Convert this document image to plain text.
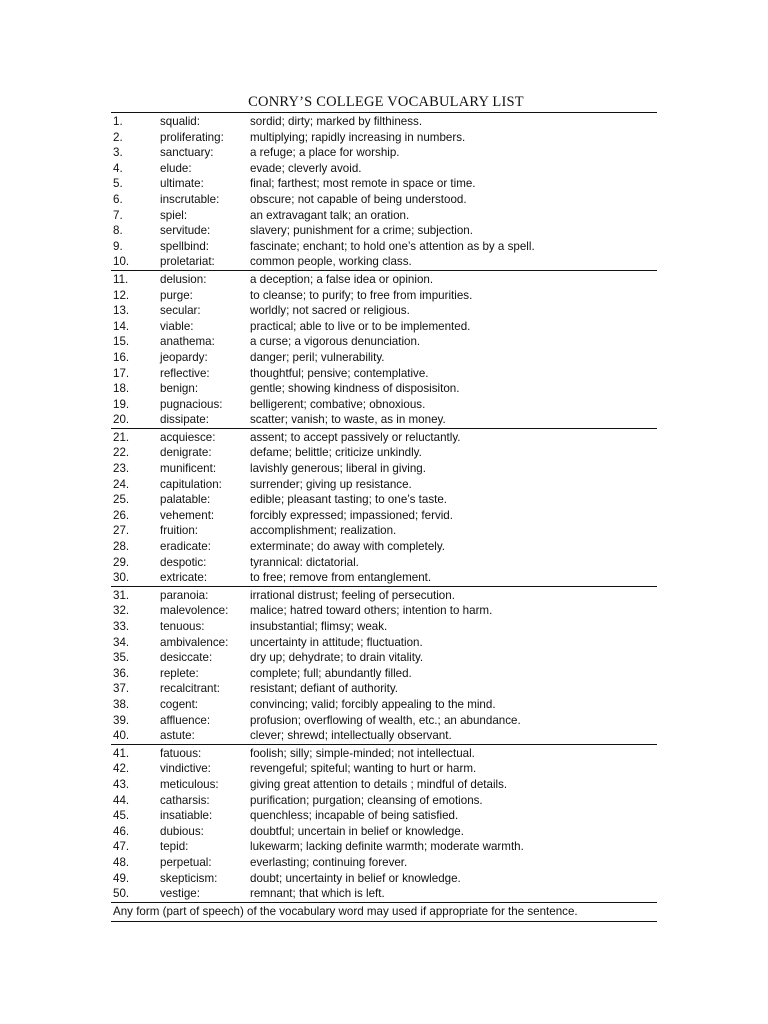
CONRY’S COLLEGE VOCABULARY LIST
1.	squalid:	sordid; dirty; marked by filthiness.
2.	proliferating:	multiplying; rapidly increasing in numbers.
3.	sanctuary:	a refuge; a place for worship.
4.	elude:	evade; cleverly avoid.
5.	ultimate:	final; farthest; most remote in space or time.
6.	inscrutable:	obscure; not capable of being understood.
7.	spiel:	an extravagant talk; an oration.
8.	servitude:	slavery; punishment for a crime; subjection.
9.	spellbind:	fascinate; enchant; to hold one’s attention as by a spell.
10.	proletariat:	common people, working class.
11.	delusion:	a deception; a false idea or opinion.
12.	purge:	to cleanse; to purify; to free from impurities.
13.	secular:	worldly; not sacred or religious.
14.	viable:	practical; able to live or to be implemented.
15.	anathema:	a curse; a vigorous denunciation.
16.	jeopardy:	danger; peril; vulnerability.
17.	reflective:	thoughtful; pensive; contemplative.
18.	benign:	gentle; showing kindness of disposisiton.
19.	pugnacious:	belligerent; combative; obnoxious.
20.	dissipate:	scatter; vanish; to waste, as in money.
21.	acquiesce:	assent; to accept passively or reluctantly.
22.	denigrate:	defame; belittle; criticize unkindly.
23.	munificent:	lavishly generous; liberal in giving.
24.	capitulation:	surrender; giving up resistance.
25.	palatable:	edible; pleasant tasting; to one’s taste.
26.	vehement:	forcibly expressed; impassioned; fervid.
27.	fruition:	accomplishment; realization.
28.	eradicate:	exterminate; do away with completely.
29.	despotic:	tyrannical: dictatorial.
30.	extricate:	to free; remove from entanglement.
31.	paranoia:	irrational distrust; feeling of persecution.
32.	malevolence:	malice; hatred toward others; intention to harm.
33.	tenuous:	insubstantial; flimsy; weak.
34.	ambivalence:	uncertainty in attitude; fluctuation.
35.	desiccate:	dry up; dehydrate; to drain vitality.
36.	replete:	complete; full; abundantly filled.
37.	recalcitrant:	resistant; defiant of authority.
38.	cogent:	convincing; valid; forcibly appealing to the mind.
39.	affluence:	profusion; overflowing of wealth, etc.; an abundance.
40.	astute:	clever; shrewd; intellectually observant.
41.	fatuous:	foolish; silly; simple-minded; not intellectual.
42.	vindictive:	revengeful; spiteful; wanting to hurt or harm.
43.	meticulous:	giving great attention to details ; mindful of details.
44.	catharsis:	purification; purgation; cleansing of emotions.
45.	insatiable:	quenchless; incapable of being satisfied.
46.	dubious:	doubtful; uncertain in belief or knowledge.
47.	tepid:	lukewarm; lacking definite warmth; moderate warmth.
48.	perpetual:	everlasting; continuing forever.
49.	skepticism:	doubt; uncertainty in belief or knowledge.
50.	vestige:	remnant; that which is left.
Any form (part of speech) of the vocabulary word may used if appropriate for the sentence.
